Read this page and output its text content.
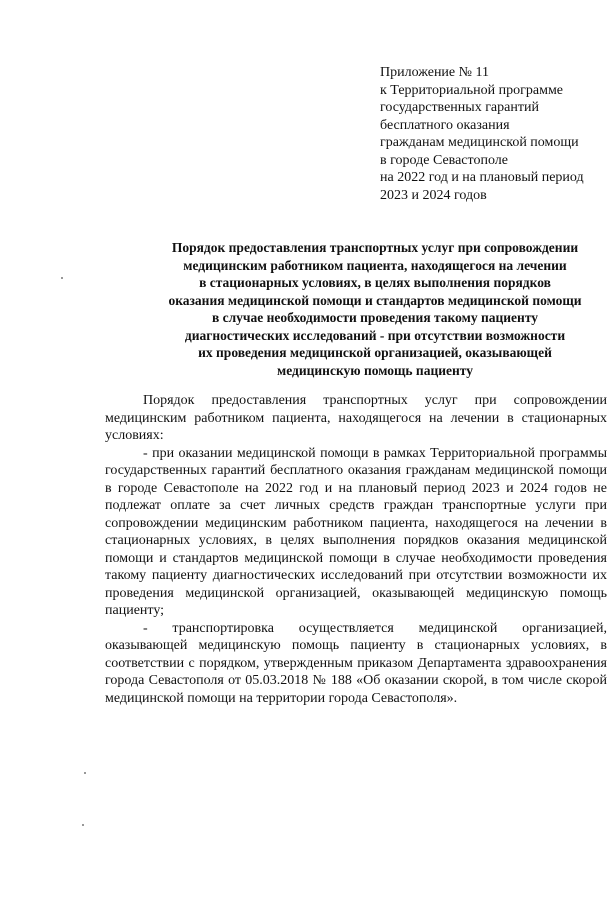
Приложение № 11
к Территориальной программе
государственных гарантий
бесплатного оказания
гражданам медицинской помощи
в городе Севастополе
на 2022 год и на плановый период
2023 и 2024 годов
Порядок предоставления транспортных услуг при сопровождении
медицинским работником пациента, находящегося на лечении
в стационарных условиях, в целях выполнения порядков
оказания медицинской помощи и стандартов медицинской помощи
в случае необходимости проведения такому пациенту
диагностических исследований - при отсутствии возможности
их проведения медицинской организацией, оказывающей
медицинскую помощь пациенту

Порядок предоставления транспортных услуг при сопровождении медицинским работником пациента, находящегося на лечении в стационарных условиях:

- при оказании медицинской помощи в рамках Территориальной программы государственных гарантий бесплатного оказания гражданам медицинской помощи в городе Севастополе на 2022 год и на плановый период 2023 и 2024 годов не подлежат оплате за счет личных средств граждан транспортные услуги при сопровождении медицинским работником пациента, находящегося на лечении в стационарных условиях, в целях выполнения порядков оказания медицинской помощи и стандартов медицинской помощи в случае необходимости проведения такому пациенту диагностических исследований при отсутствии возможности их проведения медицинской организацией, оказывающей медицинскую помощь пациенту;

- транспортировка осуществляется медицинской организацией, оказывающей медицинскую помощь пациенту в стационарных условиях, в соответствии с порядком, утвержденным приказом Департамента здравоохранения города Севастополя от 05.03.2018 № 188 «Об оказании скорой, в том числе скорой медицинской помощи на территории города Севастополя».
